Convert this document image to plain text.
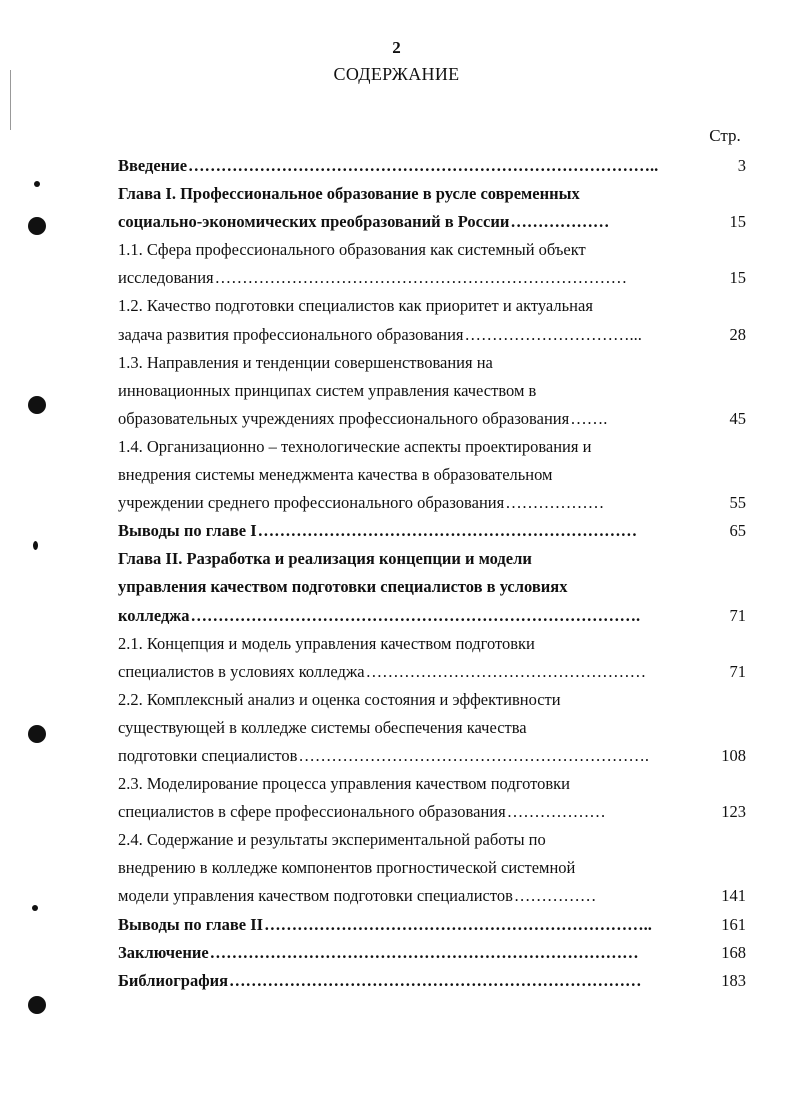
2
СОДЕРЖАНИЕ
Стр.
Введение …………………………………………………………………………..	3
Глава I. Профессиональное образование в русле современных
социально-экономических преобразований в России ………………	15
1.1. Сфера профессионального образования как системный объект
исследования …………………………………………………………………	15
1.2. Качество подготовки специалистов как приоритет и актуальная
задача развития профессионального образования …………………………...	28
1.3. Направления и тенденции совершенствования на
инновационных принципах систем управления качеством в
образовательных учреждениях профессионального образования …….	45
1.4. Организационно – технологические аспекты проектирования и
внедрения системы менеджмента качества в образовательном
учреждении среднего профессионального образования ………………	55
Выводы по главе I ……………………………………………………………	65
Глава II. Разработка и реализация концепции и модели
управления качеством подготовки специалистов в условиях
колледжа ……………………………………………………………………….	71
2.1. Концепция и модель управления качеством подготовки
специалистов в условиях колледжа ……………………………………………	71
2.2. Комплексный анализ и оценка состояния и эффективности
существующей в колледже системы обеспечения качества
подготовки специалистов ……………………………………………………….	108
2.3. Моделирование процесса управления качеством подготовки
специалистов в сфере профессионального образования ………………	123
2.4. Содержание и результаты экспериментальной работы по
внедрению в колледже компонентов прогностической системной
модели управления качеством подготовки специалистов ……………	141
Выводы по главе II ……………………………………………………………..	161
Заключение ……………………………………………………………………	168
Библиография …………………………………………………………………	183
